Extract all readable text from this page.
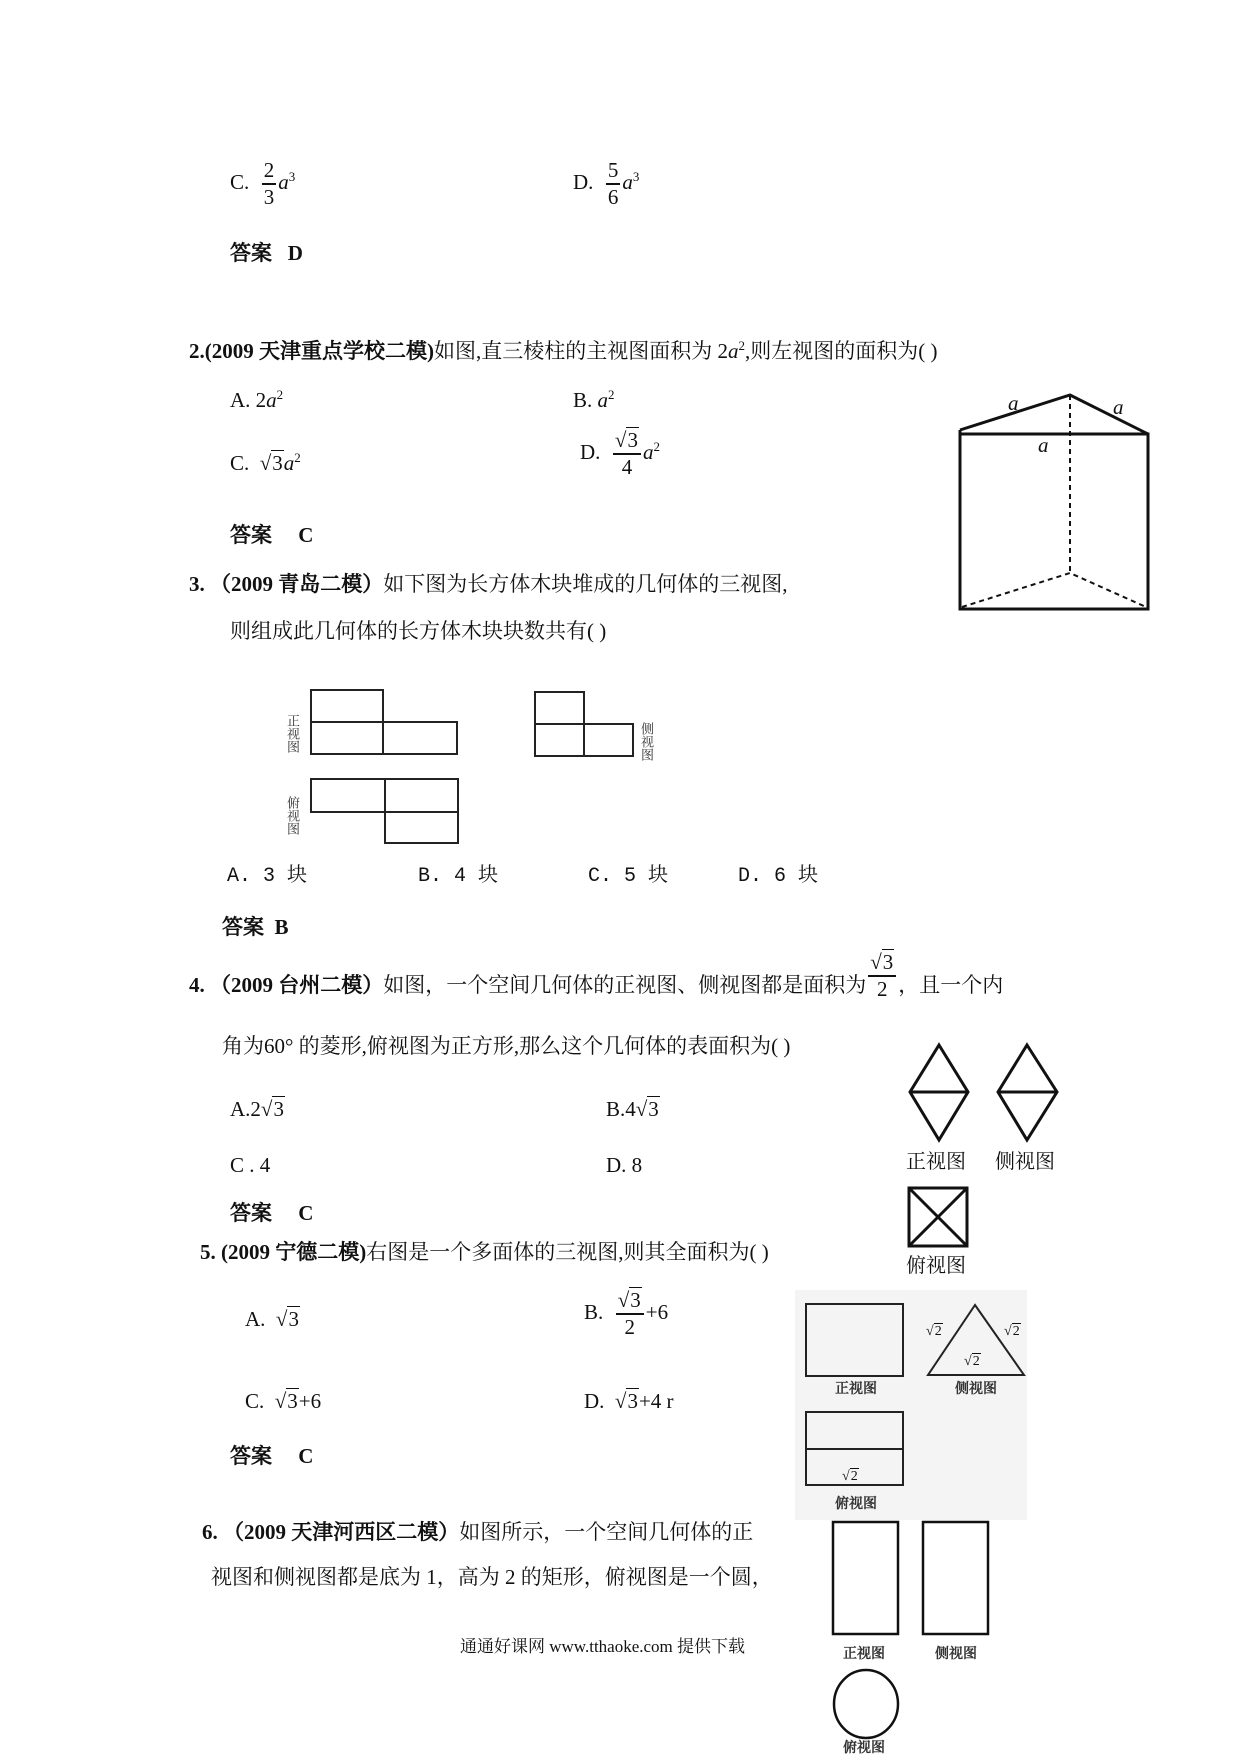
C. $\frac{2}{3} a^3$	D. $\frac{5}{6} a^3$
答案 D
2.(2009 天津重点学校二模)如图,直三棱柱的主视图面积为 $2a^2$,则左视图的面积为( )
A. $2a^2$	B. $a^2$
C. √ $3a^2$	D. √ $\frac{3}{4} a^2$
答案 C
a	a
a
3. （2009 青岛二模）如下图为长方体木块堆成的几何体的三视图,
则组成此几何体的长方体木块块数共有( )
正视图	侧视图
俯视图
A. 3 块	B. 4 块	C. 5 块	D. 6 块
答案 B
4. （2009 台州二模）如图，一个空间几何体的正视图、侧视图都是面积为 √ $\frac{3}{2}$ ，且一个内
角为60° 的菱形,俯视图为正方形,那么这个几何体的表面积为( )
A.2 √ 3	B.4 √ 3
C . 4	D. 8
答案 C
正视图 侧视图
俯视图
5. (2009 宁德二模)右图是一个多面体的三视图,则其全面积为( )
A. √ 3	B. √ $\frac{3}{2} +6$
C. √ 3+6	D. √ 3+4 r
答案 C
正视图	侧视图
俯视图
√ 2 √	2
√ 2
√ 2
6. （2009 天津河西区二模）如图所示，一个空间几何体的正
视图和侧视图都是底为 1，高为 2 的矩形，俯视图是一个圆，
正视图	侧视图
俯视图
通通好课网 www.tthaoke.com 提供下载
